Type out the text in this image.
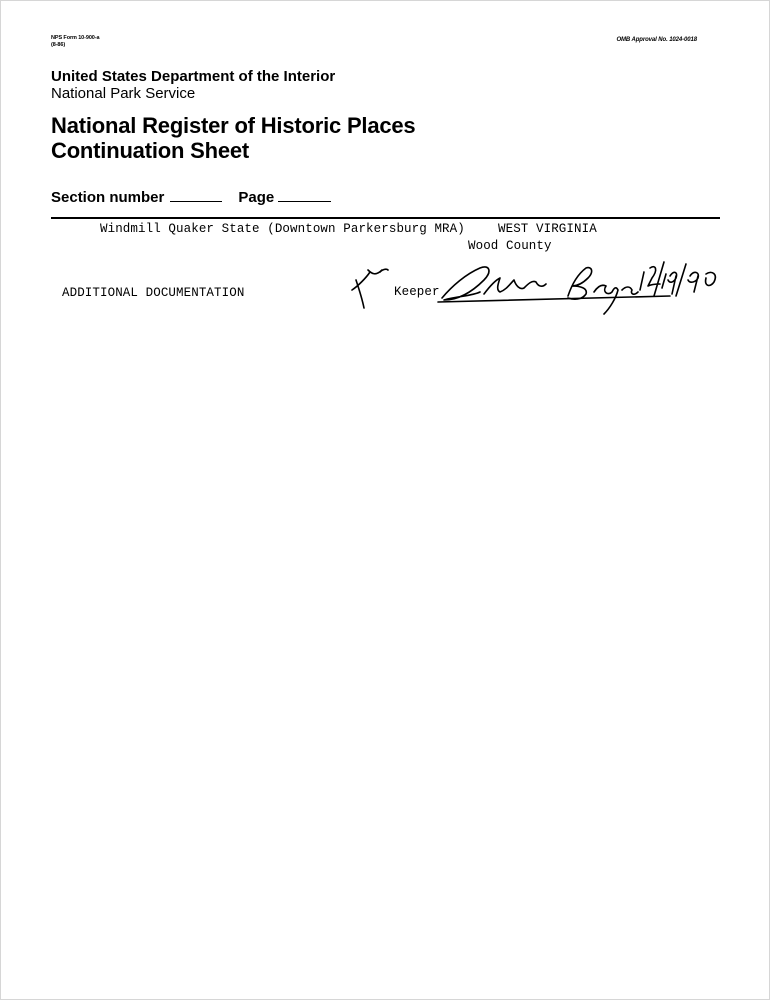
NPS Form 10-900-a
(8-86)
OMB Approval No. 1024-0018
United States Department of the Interior
National Park Service
National Register of Historic Places
Continuation Sheet
Section number	Page
Windmill Quaker State (Downtown Parkersburg MRA)	WEST VIRGINIA
Wood County
ADDITIONAL DOCUMENTATION	Keeper
